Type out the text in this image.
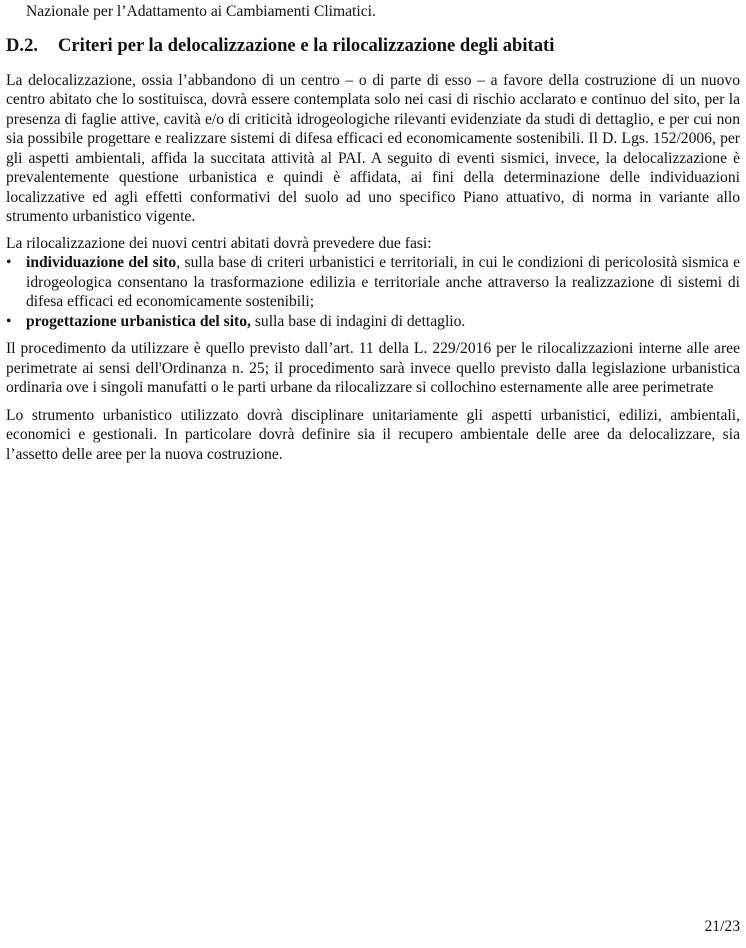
Nazionale per l’Adattamento ai Cambiamenti Climatici.
D.2.	Criteri per la delocalizzazione e la rilocalizzazione degli abitati

La delocalizzazione, ossia l’abbandono di un centro – o di parte di esso – a favore della costruzione di un nuovo centro abitato che lo sostituisca, dovrà essere contemplata solo nei casi di rischio acclarato e continuo del sito, per la presenza di faglie attive, cavità e/o di criticità idrogeologiche rilevanti evidenziate da studi di dettaglio, e per cui non sia possibile progettare e realizzare sistemi di difesa efficaci ed economicamente sostenibili. Il D. Lgs. 152/2006, per gli aspetti ambientali, affida la succitata attività al PAI. A seguito di eventi sismici, invece, la delocalizzazione è prevalentemente questione urbanistica e quindi è affidata, ai fini della determinazione delle individuazioni localizzative ed agli effetti conformativi del suolo ad uno specifico Piano attuativo, di norma in variante allo strumento urbanistico vigente.

La rilocalizzazione dei nuovi centri abitati dovrà prevedere due fasi:

• individuazione del sito, sulla base di criteri urbanistici e territoriali, in cui le condizioni di pericolosità sismica e idrogeologica consentano la trasformazione edilizia e territoriale anche attraverso la realizzazione di sistemi di difesa efficaci ed economicamente sostenibili;
• progettazione urbanistica del sito, sulla base di indagini di dettaglio.

Il procedimento da utilizzare è quello previsto dall’art. 11 della L. 229/2016 per le rilocalizzazioni interne alle aree perimetrate ai sensi dell'Ordinanza n. 25; il procedimento sarà invece quello previsto dalla legislazione urbanistica ordinaria ove i singoli manufatti o le parti urbane da rilocalizzare si collochino esternamente alle aree perimetrate

Lo strumento urbanistico utilizzato dovrà disciplinare unitariamente gli aspetti urbanistici, edilizi, ambientali, economici e gestionali. In particolare dovrà definire sia il recupero ambientale delle aree da delocalizzare, sia l’assetto delle aree per la nuova costruzione.

21/23
